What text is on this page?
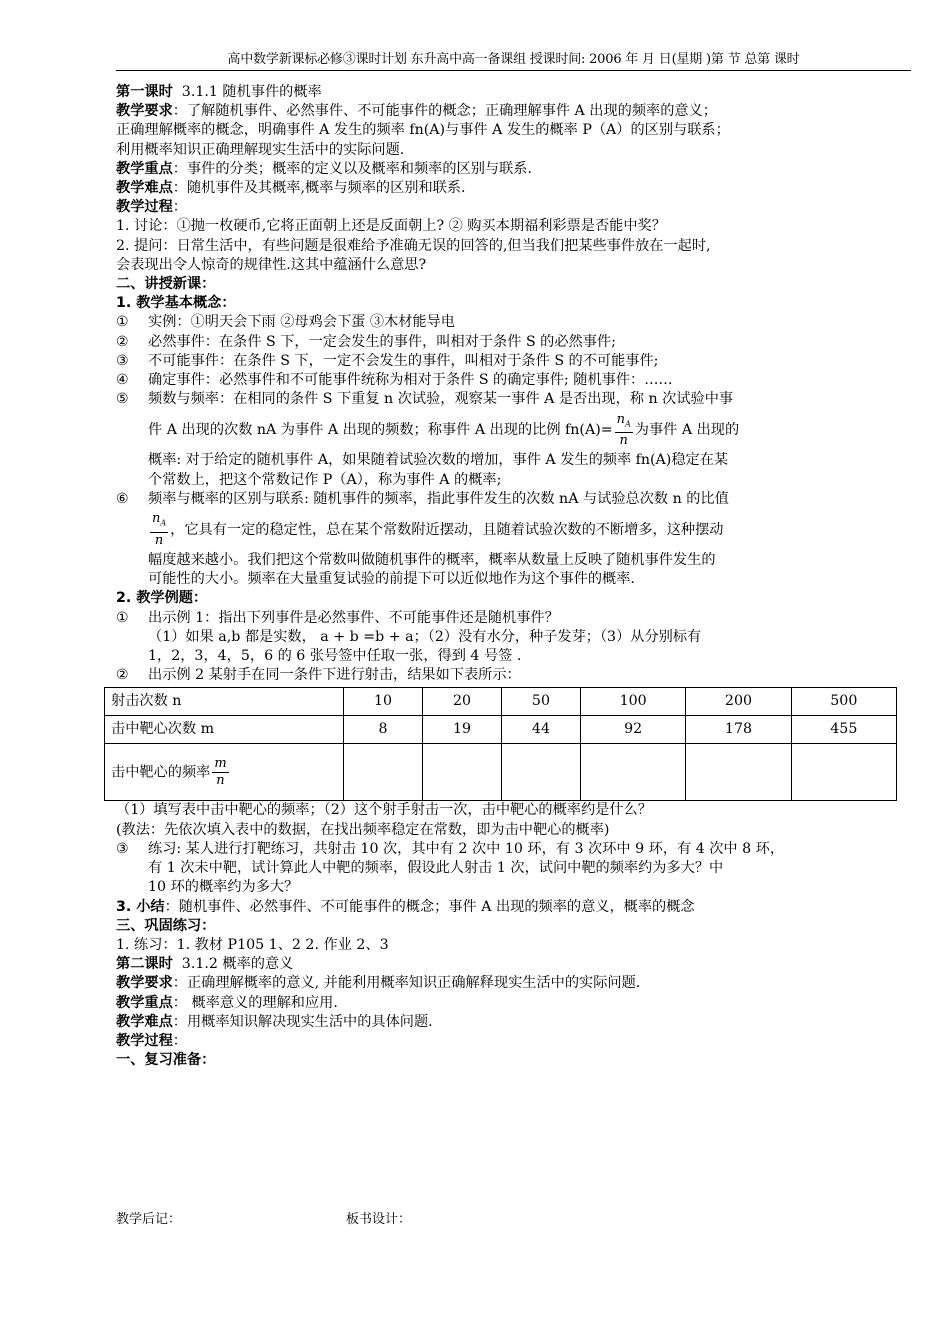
高中数学新课标必修③课时计划 东升高中高一备课组 授课时间: 2006 年 月 日(星期 )第 节 总第 课时
第一课时 3.1.1 随机事件的概率
教学要求：了解随机事件、必然事件、不可能事件的概念；正确理解事件 A 出现的频率的意义；
正确理解概率的概念，明确事件 A 发生的频率 fn(A)与事件 A 发生的概率 P（A）的区别与联系；
利用概率知识正确理解现实生活中的实际问题.
教学重点：事件的分类；概率的定义以及概率和频率的区别与联系.
教学难点：随机事件及其概率,概率与频率的区别和联系.
教学过程：
1. 讨论：①抛一枚硬币,它将正面朝上还是反面朝上? ② 购买本期福利彩票是否能中奖？
2. 提问：日常生活中，有些问题是很难给予准确无误的回答的,但当我们把某些事件放在一起时,
会表现出令人惊奇的规律性.这其中蕴涵什么意思?
二、讲授新课：
1. 教学基本概念：
①	实例：①明天会下雨 ②母鸡会下蛋 ③木材能导电
②	必然事件：在条件 S 下，一定会发生的事件，叫相对于条件 S 的必然事件;
③	不可能事件：在条件 S 下，一定不会发生的事件，叫相对于条件 S 的不可能事件;
④	确定事件：必然事件和不可能事件统称为相对于条件 S 的确定事件; 随机事件：……
⑤	频数与频率：在相同的条件 S 下重复 n 次试验，观察某一事件 A 是否出现，称 n 次试验中事
件 A 出现的次数 nA 为事件 A 出现的频数；称事件 A 出现的比例 $fn(A)= \frac{n_A}{n}$ 为事件 A 出现的
概率: 对于给定的随机事件 A，如果随着试验次数的增加，事件 A 发生的频率 fn(A)稳定在某
个常数上，把这个常数记作 P（A），称为事件 A 的概率;
⑥	频率与概率的区别与联系: 随机事件的频率，指此事件发生的次数 nA 与试验总次数 n 的比值
$\frac{n_A}{n}$ ，它具有一定的稳定性，总在某个常数附近摆动，且随着试验次数的不断增多，这种摆动
幅度越来越小。我们把这个常数叫做随机事件的概率，概率从数量上反映了随机事件发生的
可能性的大小。频率在大量重复试验的前提下可以近似地作为这个事件的概率.
2. 教学例题：
①	出示例 1：指出下列事件是必然事件、不可能事件还是随机事件？
（1）如果 a,b 都是实数， a + b =b + a；（2）没有水分，种子发芽；（3）从分别标有
1，2，3，4，5，6 的 6 张号签中任取一张，得到 4 号签 .
②	出示例 2 某射手在同一条件下进行射击，结果如下表所示：
射击次数 n	10	20	50	100	200	500
击中靶心次数 m	8	19	44	92	178	455
击中靶心的频率 $\frac{m}{n}$

（1）填写表中击中靶心的频率；（2）这个射手射击一次，击中靶心的概率约是什么？
(教法：先依次填入表中的数据，在找出频率稳定在常数，即为击中靶心的概率)
③	练习: 某人进行打靶练习，共射击 10 次，其中有 2 次中 10 环，有 3 次环中 9 环，有 4 次中 8 环，
有 1 次未中靶，试计算此人中靶的频率，假设此人射击 1 次，试问中靶的频率约为多大？中
10 环的概率约为多大？
3. 小结：随机事件、必然事件、不可能事件的概念；事件 A 出现的频率的意义，概率的概念
三、巩固练习：
1. 练习：1. 教材 P105 1、2 2. 作业 2、3
第二课时 3.1.2 概率的意义
教学要求：正确理解概率的意义, 并能利用概率知识正确解释现实生活中的实际问题.
教学重点： 概率意义的理解和应用.
教学难点：用概率知识解决现实生活中的具体问题.
教学过程：
一、复习准备：
教学后记：	板书设计：
